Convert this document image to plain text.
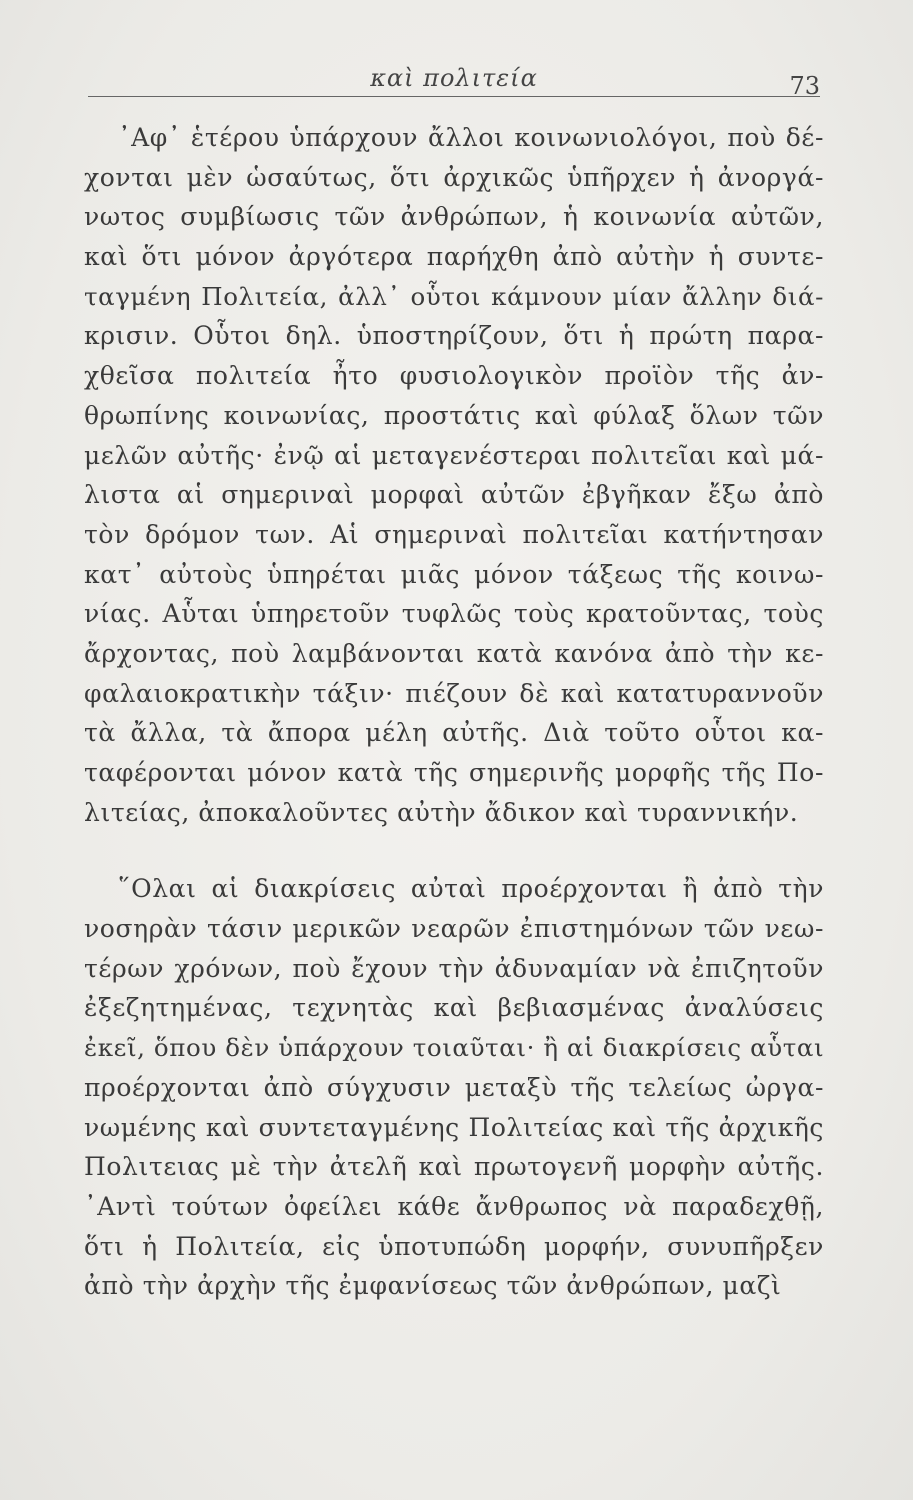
καὶ πολιτεία	73
᾿Αφ᾿ ἑτέρου ὑπάρχουν ἄλλοι κοινωνιολόγοι, ποὺ δέ-
χονται μὲν ὡσαύτως, ὅτι ἀρχικῶς ὑπῆρχεν ἡ ἀνοργά-
νωτος συμβίωσις τῶν ἀνθρώπων, ἡ κοινωνία αὐτῶν,
καὶ ὅτι μόνον ἀργότερα παρήχθη ἀπὸ αὐτὴν ἡ συντε-
ταγμένη Πολιτεία, ἀλλ᾿ οὗτοι κάμνουν μίαν ἄλλην διά-
κρισιν. Οὗτοι δηλ. ὑποστηρίζουν, ὅτι ἡ πρώτη παρα-
χθεῖσα πολιτεία ἦτο φυσιολογικὸν προϊὸν τῆς ἀν-
θρωπίνης κοινωνίας, προστάτις καὶ φύλαξ ὅλων τῶν
μελῶν αὐτῆς· ἐνῷ αἱ μεταγενέστεραι πολιτεῖαι καὶ μά-
λιστα αἱ σημεριναὶ μορφαὶ αὐτῶν ἐβγῆκαν ἔξω ἀπὸ
τὸν δρόμον των. Αἱ σημεριναὶ πολιτεῖαι κατήντησαν
κατ᾿ αὐτοὺς ὑπηρέται μιᾶς μόνον τάξεως τῆς κοινω-
νίας. Αὗται ὑπηρετοῦν τυφλῶς τοὺς κρατοῦντας, τοὺς
ἄρχοντας, ποὺ λαμβάνονται κατὰ κανόνα ἀπὸ τὴν κε-
φαλαιοκρατικὴν τάξιν· πιέζουν δὲ καὶ κατατυραννοῦν
τὰ ἄλλα, τὰ ἄπορα μέλη αὐτῆς. Διὰ τοῦτο οὗτοι κα-
ταφέρονται μόνον κατὰ τῆς σημερινῆς μορφῆς τῆς Πο-
λιτείας, ἀποκαλοῦντες αὐτὴν ἄδικον καὶ τυραννικήν.
῞Ολαι αἱ διακρίσεις αὐταὶ προέρχονται ἢ ἀπὸ τὴν
νοσηρὰν τάσιν μερικῶν νεαρῶν ἐπιστημόνων τῶν νεω-
τέρων χρόνων, ποὺ ἔχουν τὴν ἀδυναμίαν νὰ ἐπιζητοῦν
ἐξεζητημένας, τεχνητὰς καὶ βεβιασμένας ἀναλύσεις
ἐκεῖ, ὅπου δὲν ὑπάρχουν τοιαῦται· ἢ αἱ διακρίσεις αὗται
προέρχονται ἀπὸ σύγχυσιν μεταξὺ τῆς τελείως ὠργα-
νωμένης καὶ συντεταγμένης Πολιτείας καὶ τῆς ἀρχικῆς
Πολιτειας μὲ τὴν ἀτελῆ καὶ πρωτογενῆ μορφὴν αὐτῆς.
᾿Αντὶ τούτων ὀφείλει κάθε ἄνθρωπος νὰ παραδεχθῇ,
ὅτι ἡ Πολιτεία, εἰς ὑποτυπώδη μορφήν, συνυπῆρξεν
ἀπὸ τὴν ἀρχὴν τῆς ἐμφανίσεως τῶν ἀνθρώπων, μαζὶ
